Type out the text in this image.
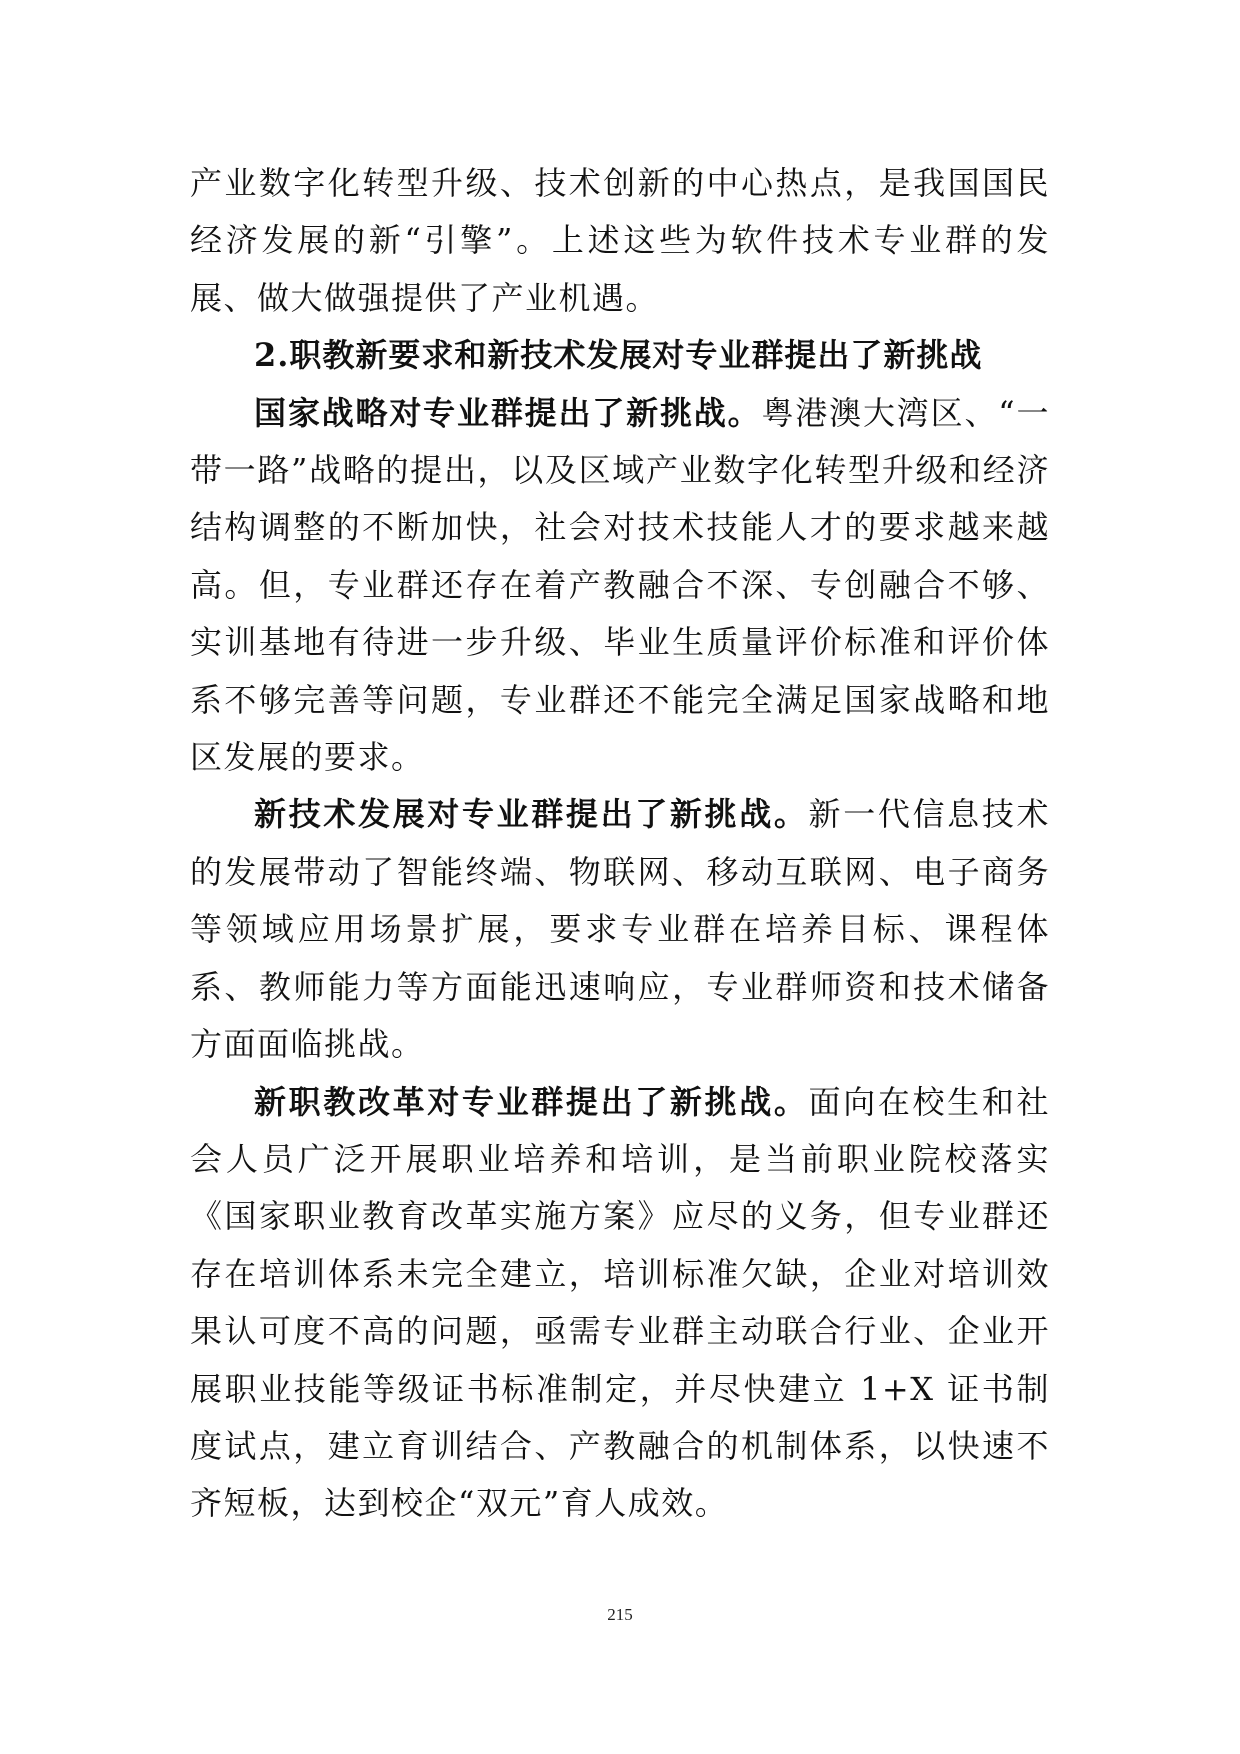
产业数字化转型升级、技术创新的中心热点，是我国国民经济发展的新“引擎”。上述这些为软件技术专业群的发展、做大做强提供了产业机遇。

2.职教新要求和新技术发展对专业群提出了新挑战

国家战略对专业群提出了新挑战。粤港澳大湾区、“一带一路”战略的提出，以及区域产业数字化转型升级和经济结构调整的不断加快，社会对技术技能人才的要求越来越高。但，专业群还存在着产教融合不深、专创融合不够、实训基地有待进一步升级、毕业生质量评价标准和评价体系不够完善等问题，专业群还不能完全满足国家战略和地区发展的要求。

新技术发展对专业群提出了新挑战。新一代信息技术的发展带动了智能终端、物联网、移动互联网、电子商务等领域应用场景扩展，要求专业群在培养目标、课程体系、教师能力等方面能迅速响应，专业群师资和技术储备方面面临挑战。

新职教改革对专业群提出了新挑战。面向在校生和社会人员广泛开展职业培养和培训，是当前职业院校落实《国家职业教育改革实施方案》应尽的义务，但专业群还存在培训体系未完全建立，培训标准欠缺，企业对培训效果认可度不高的问题，亟需专业群主动联合行业、企业开展职业技能等级证书标准制定，并尽快建立 1+X 证书制度试点，建立育训结合、产教融合的机制体系，以快速不齐短板，达到校企“双元”育人成效。

215
